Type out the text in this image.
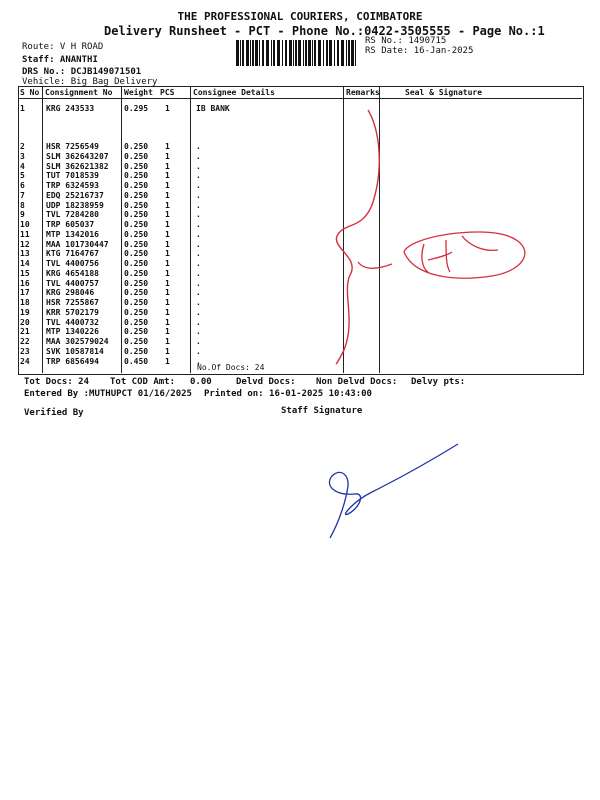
THE PROFESSIONAL COURIERS, COIMBATORE
Delivery Runsheet - PCT - Phone No.:0422-3505555 - Page No.:1
Route: V H ROAD
Staff: ANANTHI
DRS No.: DCJB149071501
Vehicle: Big Bag Delivery
RS No.: 1490715
RS Date: 16-Jan-2025
S No Consignment No Weight PCS Consignee Details	Remarks	Seal & Signature
1	KRG 243533	0.295 1	IB BANK
2	HSR 7256549	0.250 1	.
3	SLM 362643207 0.250 1	.
4	SLM 362621382 0.250 1	.
5	TUT 7018539	0.250 1	.
6	TRP 6324593	0.250 1	.
7	EDQ 25216737	0.250 1	.
8	UDP 18238959	0.250 1	.
9	TVL 7284280	0.250 1	.
10 TRP 605037	0.250 1	.
11 MTP 1342016	0.250 1	.
12 MAA 101730447 0.250 1	.
13 KTG 7164767	0.250 1	.
14 TVL 4400756	0.250 1	.
15 KRG 4654188	0.250 1	.
16 TVL 4400757	0.250 1	.
17 KRG 298046	0.250 1	.
18 HSR 7255867	0.250 1	.
19 KRR 5702179	0.250 1	.
20 TVL 4400732	0.250 1	.
21 MTP 1340226	0.250 1	.
22 MAA 302579024 0.250 1	.
23 SVK 10587814	0.250 1	.
24 TRP 6856494	0.450 1	.
No.Of Docs: 24
Tot Docs: 24 Tot COD Amt: 0.00	Delvd Docs: Non Delvd Docs: Delvy pts:
Entered By :MUTHUPCT 01/16/2025 Printed on: 16-01-2025 10:43:00
Verified By	Staff Signature
